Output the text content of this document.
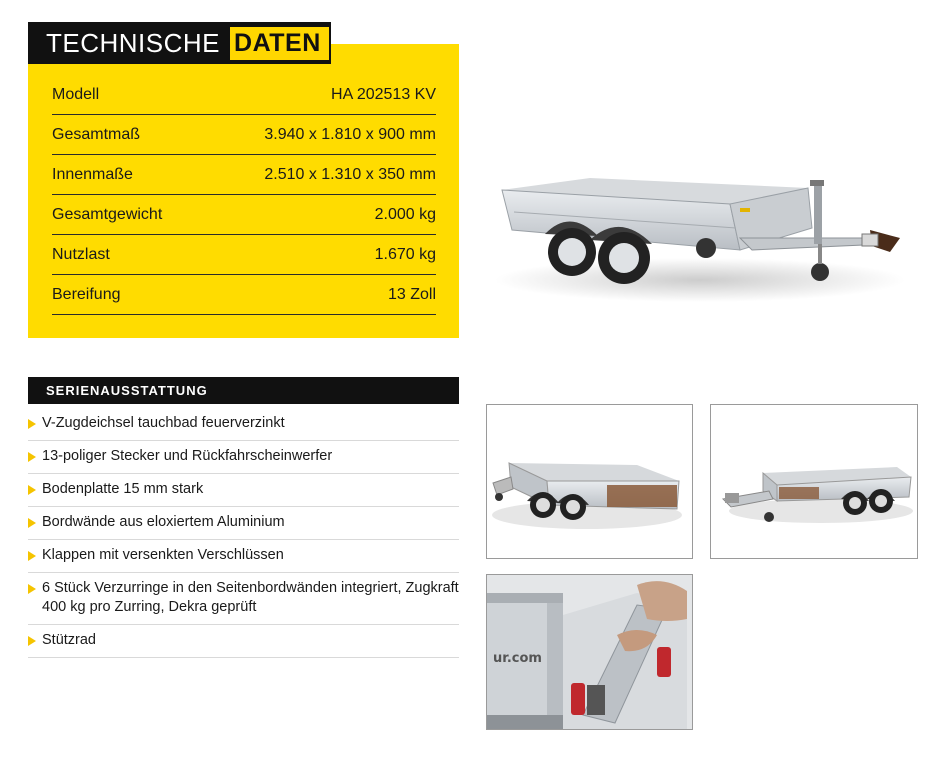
TECHNISCHE DATEN
Modell	HA 202513 KV
Gesamtmaß	3.940 x 1.810 x 900 mm
Innenmaße	2.510 x 1.310 x 350 mm
Gesamtgewicht	2.000 kg
Nutzlast	1.670 kg
Bereifung	13 Zoll
SERIENAUSSTATTUNG
V-Zugdeichsel tauchbad feuerverzinkt
13-poliger Stecker und Rückfahrscheinwerfer
Bodenplatte 15 mm stark
Bordwände aus eloxiertem Aluminium
Klappen mit versenkten Verschlüssen
6 Stück Verzurringe in den Seitenbordwänden integriert, Zugkraft 400 kg pro Zurring, Dekra geprüft
Stützrad
ur.com
